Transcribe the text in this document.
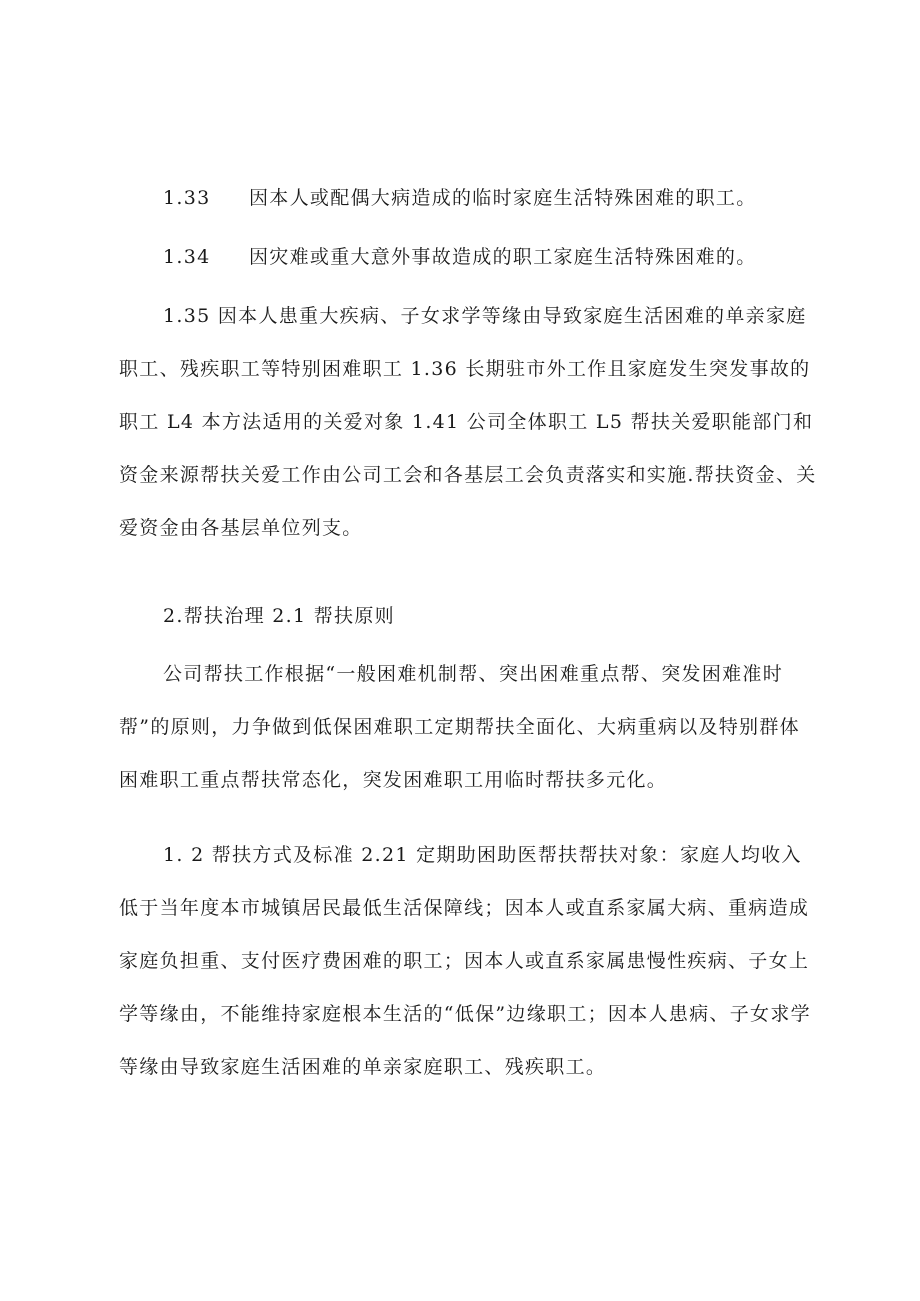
1.33 因本人或配偶大病造成的临时家庭生活特殊困难的职工。
1.34 因灾难或重大意外事故造成的职工家庭生活特殊困难的。

1.35 因本人患重大疾病、子女求学等缘由导致家庭生活困难的单亲家庭职工、残疾职工等特别困难职工 1.36 长期驻市外工作且家庭发生突发事故的职工 L4 本方法适用的关爱对象 1.41 公司全体职工 L5 帮扶关爱职能部门和资金来源帮扶关爱工作由公司工会和各基层工会负责落实和实施.帮扶资金、关爱资金由各基层单位列支。

2.帮扶治理 2.1 帮扶原则

公司帮扶工作根据“一般困难机制帮、突出困难重点帮、突发困难准时帮”的原则，力争做到低保困难职工定期帮扶全面化、大病重病以及特别群体困难职工重点帮扶常态化，突发困难职工用临时帮扶多元化。

1. 2 帮扶方式及标准 2.21 定期助困助医帮扶帮扶对象：家庭人均收入低于当年度本市城镇居民最低生活保障线；因本人或直系家属大病、重病造成家庭负担重、支付医疗费困难的职工；因本人或直系家属患慢性疾病、子女上学等缘由，不能维持家庭根本生活的“低保”边缘职工；因本人患病、子女求学等缘由导致家庭生活困难的单亲家庭职工、残疾职工。
